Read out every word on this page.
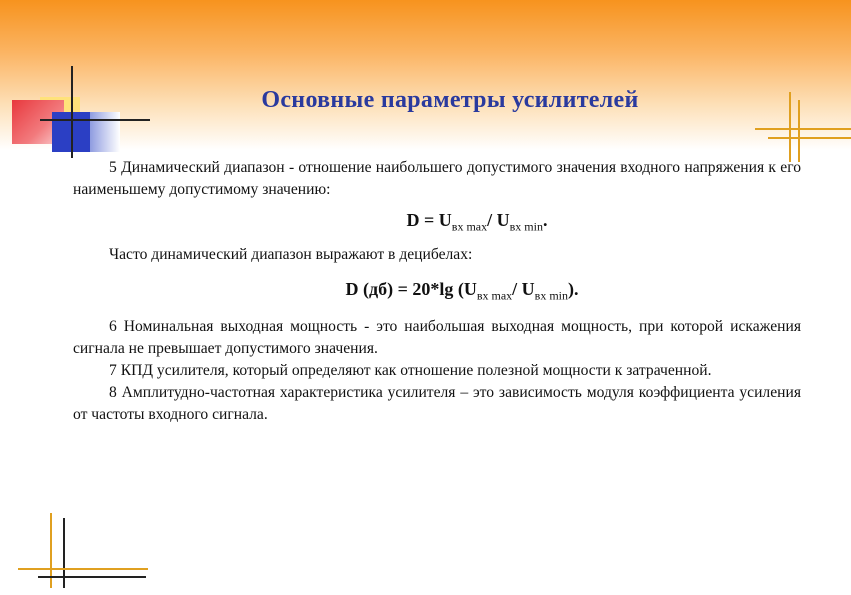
Основные параметры усилителей

5 Динамический диапазон - отношение наибольшего допустимого значения входного напряжения к его наименьшему допустимому значению:

$D = U_{вх max}/$ $U_{вх min}$.

Часто динамический диапазон выражают в децибелах:

D (дб) = 20*lg ($U_{вх max}/$ $U_{вх min}$).

6 Номинальная выходная мощность - это наибольшая выходная мощность, при которой искажения сигнала не превышает допустимого значения.

7 КПД усилителя, который определяют как отношение полезной мощности к затраченной.

8 Амплитудно-частотная характеристика усилителя – это зависимость модуля коэффициента усиления от частоты входного сигнала.
